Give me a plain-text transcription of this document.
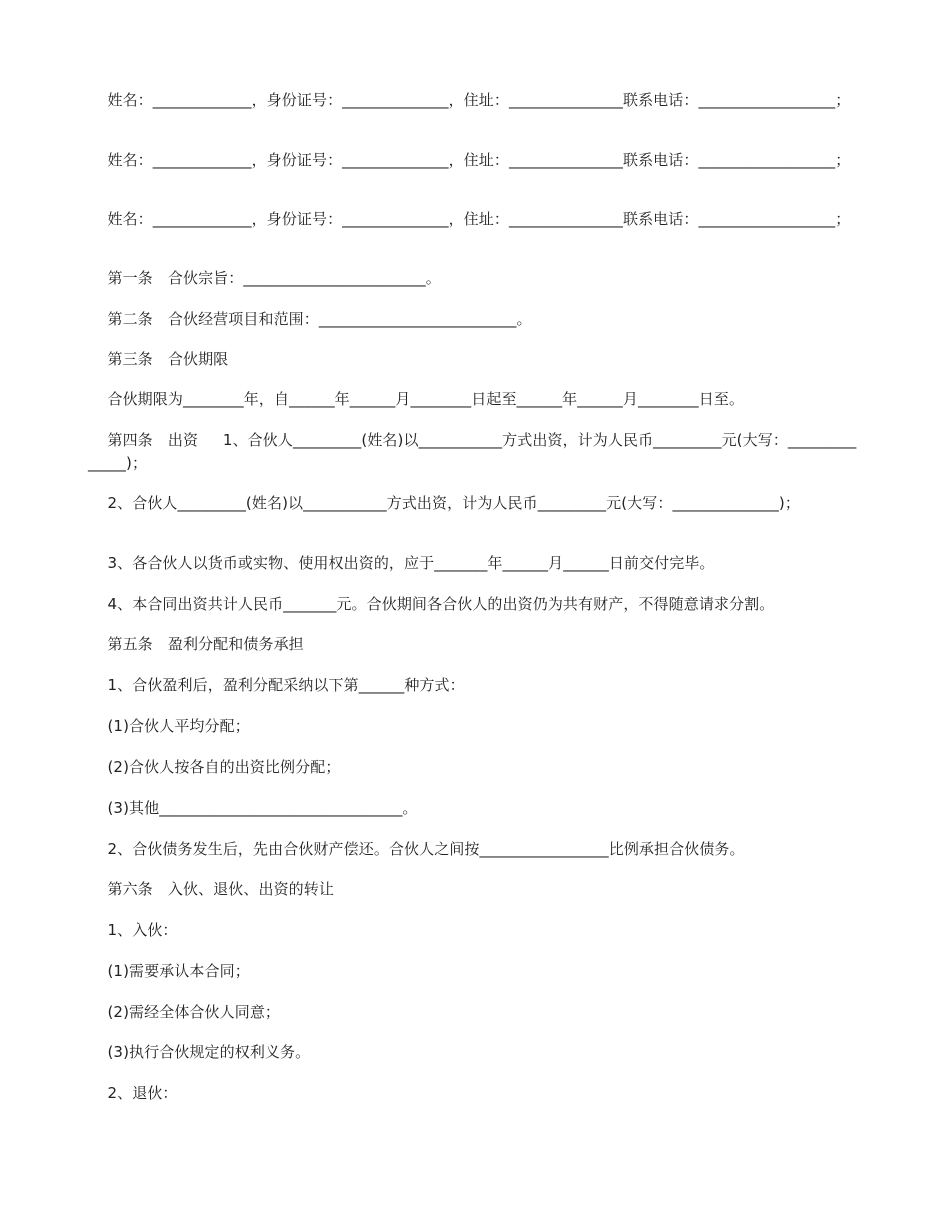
姓名：_____________，身份证号：______________，住址：_______________联系电话：__________________；

姓名：_____________，身份证号：______________，住址：_______________联系电话：__________________；

姓名：_____________，身份证号：______________，住址：_______________联系电话：__________________；

第一条　合伙宗旨：________________________。

第二条　合伙经营项目和范围：__________________________。

第三条　合伙期限

合伙期限为________年，自______年______月________日起至______年______月________日至。

第四条　出资　  1、合伙人_________(姓名)以___________方式出资，计为人民币_________元(大写：______________)；

2、合伙人_________(姓名)以___________方式出资，计为人民币_________元(大写：______________)；

3、各合伙人以货币或实物、使用权出资的，应于_______年______月______日前交付完毕。

4、本合同出资共计人民币_______元。合伙期间各合伙人的出资仍为共有财产，不得随意请求分割。

第五条　盈利分配和债务承担

1、合伙盈利后，盈利分配采纳以下第______种方式：

(1)合伙人平均分配；

(2)合伙人按各自的出资比例分配；

(3)其他________________________________。

2、合伙债务发生后，先由合伙财产偿还。合伙人之间按_________________比例承担合伙债务。

第六条　入伙、退伙、出资的转让

1、入伙：

(1)需要承认本合同；

(2)需经全体合伙人同意；

(3)执行合伙规定的权利义务。

2、退伙：
